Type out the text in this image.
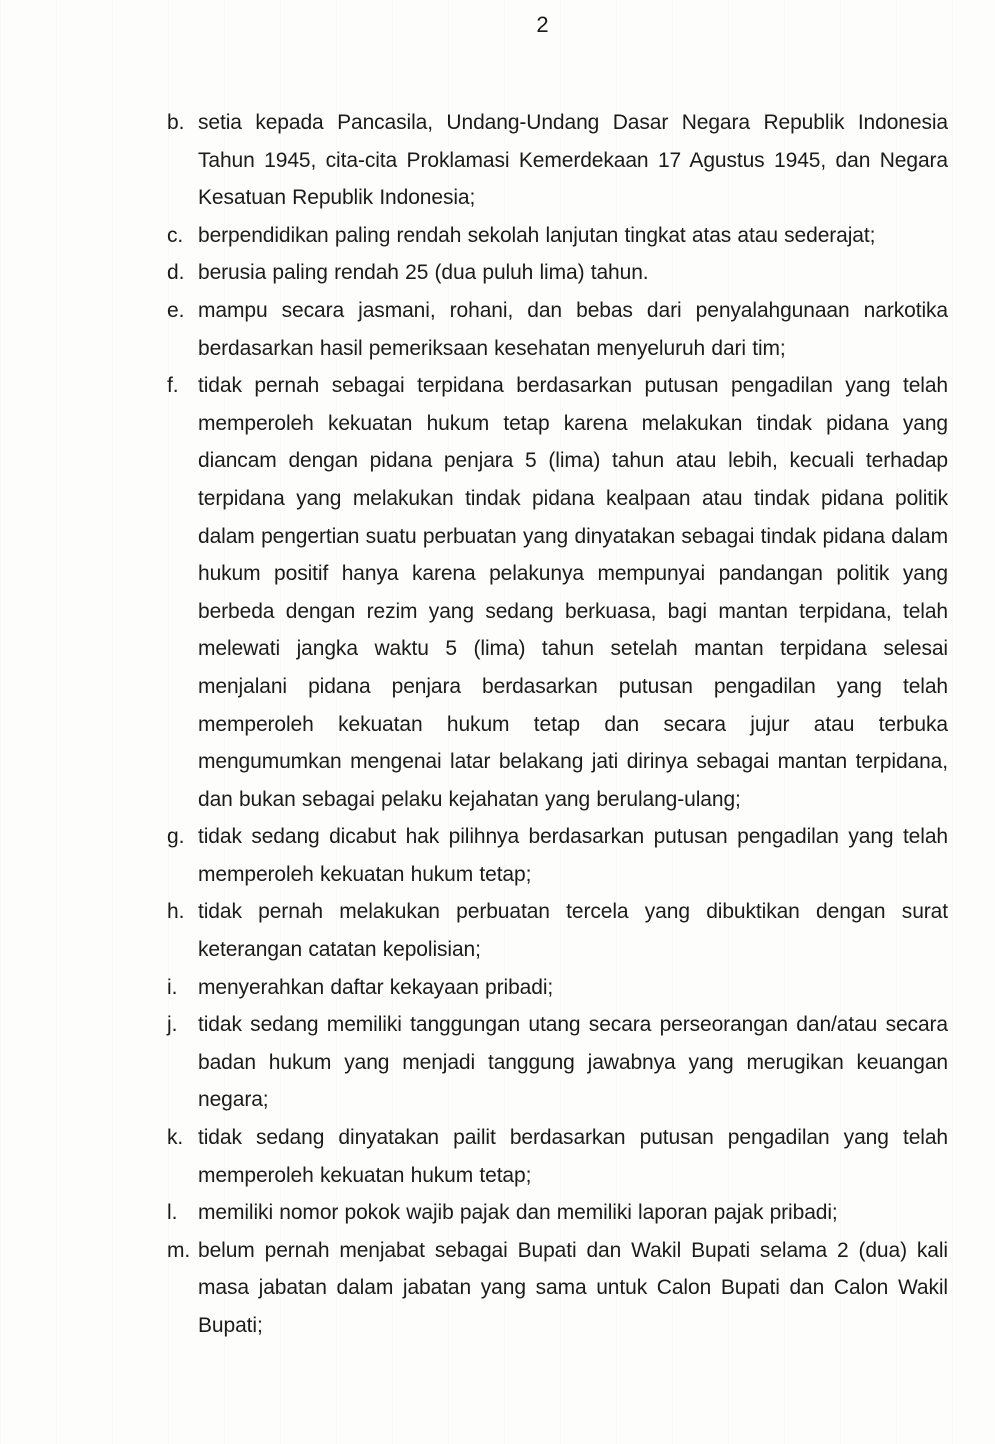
2
b. setia kepada Pancasila, Undang-Undang Dasar Negara Republik Indonesia Tahun 1945, cita-cita Proklamasi Kemerdekaan 17 Agustus 1945, dan Negara Kesatuan Republik Indonesia;
c. berpendidikan paling rendah sekolah lanjutan tingkat atas atau sederajat;
d. berusia paling rendah 25 (dua puluh lima) tahun.
e. mampu secara jasmani, rohani, dan bebas dari penyalahgunaan narkotika berdasarkan hasil pemeriksaan kesehatan menyeluruh dari tim;
f. tidak pernah sebagai terpidana berdasarkan putusan pengadilan yang telah memperoleh kekuatan hukum tetap karena melakukan tindak pidana yang diancam dengan pidana penjara 5 (lima) tahun atau lebih, kecuali terhadap terpidana yang melakukan tindak pidana kealpaan atau tindak pidana politik dalam pengertian suatu perbuatan yang dinyatakan sebagai tindak pidana dalam hukum positif hanya karena pelakunya mempunyai pandangan politik yang berbeda dengan rezim yang sedang berkuasa, bagi mantan terpidana, telah melewati jangka waktu 5 (lima) tahun setelah mantan terpidana selesai menjalani pidana penjara berdasarkan putusan pengadilan yang telah memperoleh kekuatan hukum tetap dan secara jujur atau terbuka mengumumkan mengenai latar belakang jati dirinya sebagai mantan terpidana, dan bukan sebagai pelaku kejahatan yang berulang-ulang;
g. tidak sedang dicabut hak pilihnya berdasarkan putusan pengadilan yang telah memperoleh kekuatan hukum tetap;
h. tidak pernah melakukan perbuatan tercela yang dibuktikan dengan surat keterangan catatan kepolisian;
i. menyerahkan daftar kekayaan pribadi;
j. tidak sedang memiliki tanggungan utang secara perseorangan dan/atau secara badan hukum yang menjadi tanggung jawabnya yang merugikan keuangan negara;
k. tidak sedang dinyatakan pailit berdasarkan putusan pengadilan yang telah memperoleh kekuatan hukum tetap;
l. memiliki nomor pokok wajib pajak dan memiliki laporan pajak pribadi;
m. belum pernah menjabat sebagai Bupati dan Wakil Bupati selama 2 (dua) kali masa jabatan dalam jabatan yang sama untuk Calon Bupati dan Calon Wakil Bupati;
